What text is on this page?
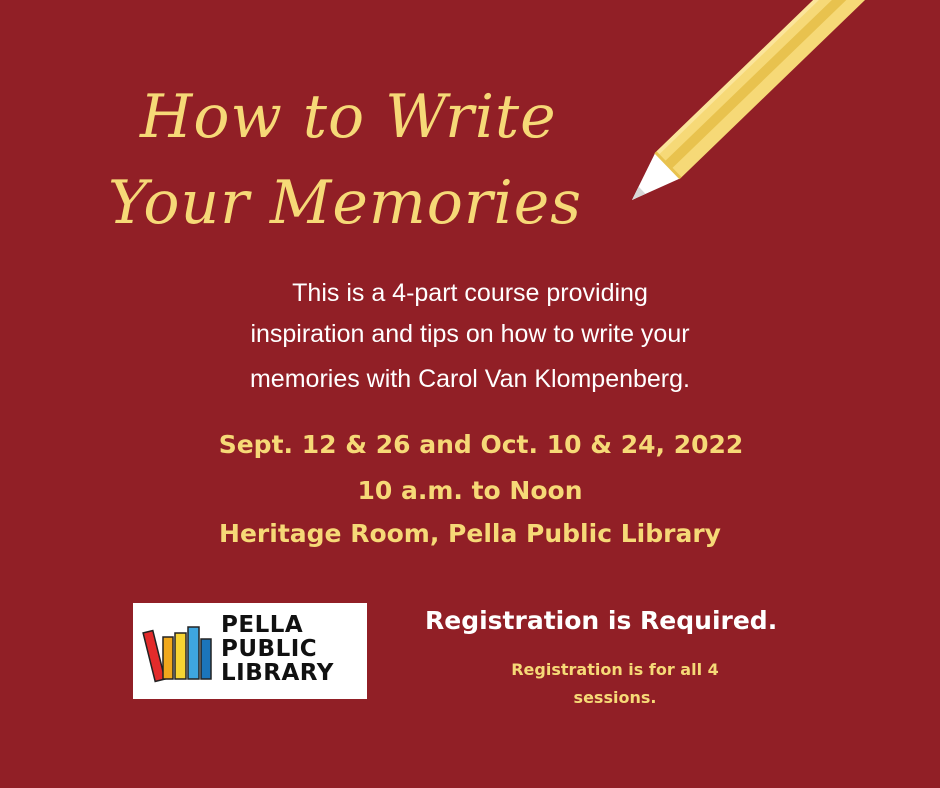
How to Write
Your Memories
This is a 4-part course providing
inspiration and tips on how to write your
memories with Carol Van Klompenberg.
Sept. 12 & 26 and Oct. 10 & 24, 2022
10 a.m. to Noon
Heritage Room, Pella Public Library
PELLA
PUBLIC
LIBRARY
Registration is Required.
Registration is for all 4 sessions.
